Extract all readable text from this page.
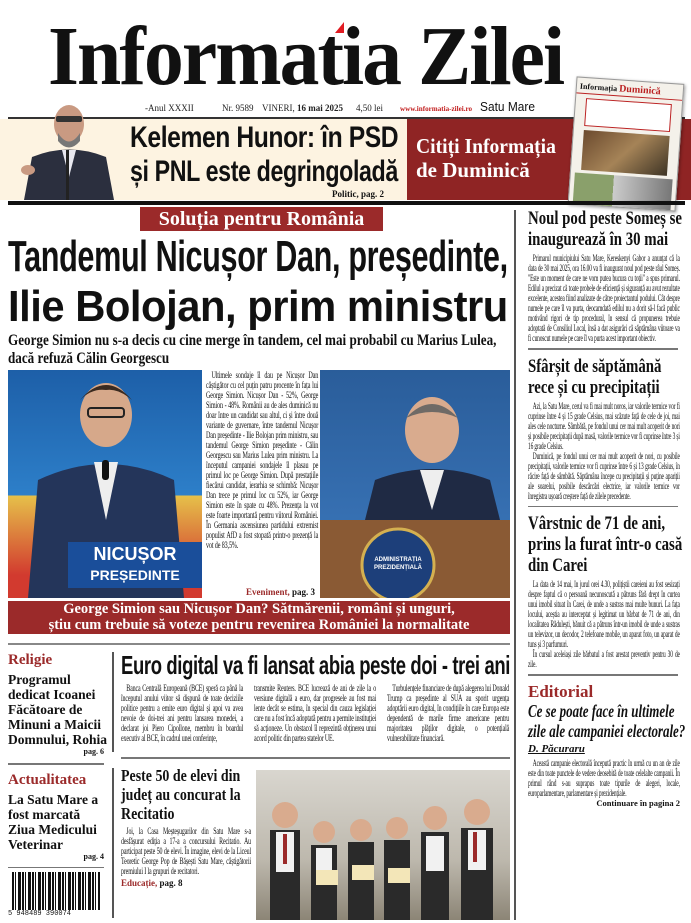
Informatia Zilei
-Anul XXXII	Nr. 9589 VINERI, 16 mai 2025 4,50 lei www.informatia-zilei.ro Satu Mare
Kelemen Hunor: în PSD
și PNL este degringoladă
Politic, pag. 2
Citiți Informația
de Duminică
Informația Duminică
Soluția pentru România
Tandemul Nicușor Dan, președinte,
Ilie Bolojan, prim ministru
George Simion nu s-a decis cu cine merge în tandem, cel mai probabil cu Marius Lulea, dacă refuză Călin Georgescu
NICUȘOR
PREȘEDINTE
Ultimele sondaje îl dau pe Nicușor Dan câștigător cu cel puțin patru procente în fața lui George Simion. Nicușor Dan - 52%, George Simion - 48%. Românii au de ales duminică nu doar între un candidat sau altul, ci și între două variante de guvernare, între tandemul Nicușor Dan președinte - Ilie Bolojan prim ministru, sau tandemul George Simion președinte - Călin Georgescu sau Marius Lulea prim ministru. La începutul campaniei sondajele îl plasau pe primul loc pe George Simion. După prestațiile fiecărui candidat, ierarhia se schimbă: Nicușor Dan trece pe primul loc cu 52%, iar George Simion este în spate cu 48%. Prezența la vot este foarte importantă pentru viitorul României. În Germania ascensiunea partidului extremist populist AfD a fost stopată printr-o prezență la vot de 83,5%.
Eveniment, pag. 3
ADMINISTRAȚIA PREZIDENȚIALĂ
George Simion sau Nicușor Dan? Sătmărenii, români și unguri,
știu cum trebuie să voteze pentru revenirea României la normalitate
Noul pod peste Someș se inaugurează în 30 mai
Primarul municipiului Satu Mare, Kereskenyi Gabor a anunțat că la data de 30 mai 2025, ora 16.00 va fi inaugurat noul pod peste râul Someș. "Este un moment de care ne vom putea bucura cu toții" a spus primarul. Edilul a precizat că toate probele de eficiență și siguranță au avut rezultate excelente, acestea fiind analizate de către proiectantul podului. Cât despre numele pe care îl va purta, deocamdată edilul nu a dorit să-l facă public motivând rigori de tip procedural, în sensul că propunerea trebuie adoptată de Consiliul Local, însă a dat asigurări că săptămâna viitoare va fi cunoscut numele pe care îl va purta acest important obiectiv.
Sfârșit de săptămână rece și cu precipitații
Azi, la Satu Mare, cerul va fi mai mult noros, iar valorile termice vor fi cuprinse între 4 și 15 grade Celsius, mai scăzute față de cele de joi, mai ales cele nocturne. Sâmbătă, pe fondul unui cer mai mult acoperit de nori și posibile precipitații după masă, valorile termice vor fi cuprinse între 3 și 16 grade Celsius.
Duminică, pe fondul unui cer mai mult acoperit de nori, cu posibile precipitații, valorile termice vor fi cuprinse între 6 și 13 grade Celsius, în răcire față de sâmbătă. Săptămâna începe cu precipitații și puține apariții ale soarelui, posibile descărcări electrice, iar valorile termice vor înregistra ușoară creștere față de zilele precedente.
Vârstnic de 71 de ani, prins la furat într-o casă din Carei
La data de 14 mai, în jurul orei 4.30, polițiștii careieni au fost sesizați despre faptul că o persoană necunoscută a pătruns fără drept în curtea unui imobil situat în Carei, de unde a sustras mai multe bunuri. La fața locului, aceștia au interceptat și legitimat un bărbat de 71 de ani, din localitatea Rădulești, bănuit că a pătruns într-un imobil de unde a sustras un televizor, un decodor, 2 telefoane mobile, un aparat foto, un aparat de tuns și 3 parfumuri.
În cursul aceleiași zile bărbatul a fost arestat preventiv pentru 30 de zile.
Editorial
Ce se poate face în ultimele zile ale campaniei electorale?
D. Păcuraru
Această campanie electorală începută practic în urmă cu un an de zile este din toate punctele de vedere deosebită de toate celelalte campanii. În primul rând s-au suprapus toate tipurile de alegeri, locale, europarlamentare, parlamentare și prezidențiale.
Continuare în pagina 2
Religie
Programul dedicat Icoanei Făcătoare de Minuni a Maicii Domnului, Rohia
pag. 6
Actualitatea
La Satu Mare a fost marcată Ziua Medicului Veterinar
pag. 4
5 948489 390074
Euro digital va fi lansat abia peste doi - trei ani
Banca Centrală Europeană (BCE) speră ca până la începutul anului viitor să dispună de toate deciziile politice pentru a emite euro digital și apoi va avea nevoie de doi-trei ani pentru lansarea monedei, a declarat joi Piero Cipollone, membru în boardul executiv al BCE, în cadrul unei conferințe,
transmite Reuters. BCE lucrează de ani de zile la o versiune digitală a euro, dar progresele au fost mai lente decât se estima, în special din cauza legislației care nu a fost încă adoptată pentru a permite instituției să acționeze. Un obstacol îl reprezintă obținerea unui acord politic din partea statelor UE.
Turbulențele financiare de după alegerea lui Donald Trump ca președinte al SUA au sporit urgența adoptării euro digital, în condițiile în care Europa este dependentă de marile firme americane pentru majoritatea plăților digitale, o potențială vulnerabilitate financiară.
Peste 50 de elevi din județ au concurat la Recitatio
Joi, la Casa Meșteșugarilor din Satu Mare s-a desfășurat ediția a 17-a a concursului Recitatio. Au participat peste 50 de elevi. În imagine, elevi de la Liceul Teoretic George Pop de Bășești Satu Mare, câștigătorii premiului I la grupuri de recitatori.
Educație, pag. 8
